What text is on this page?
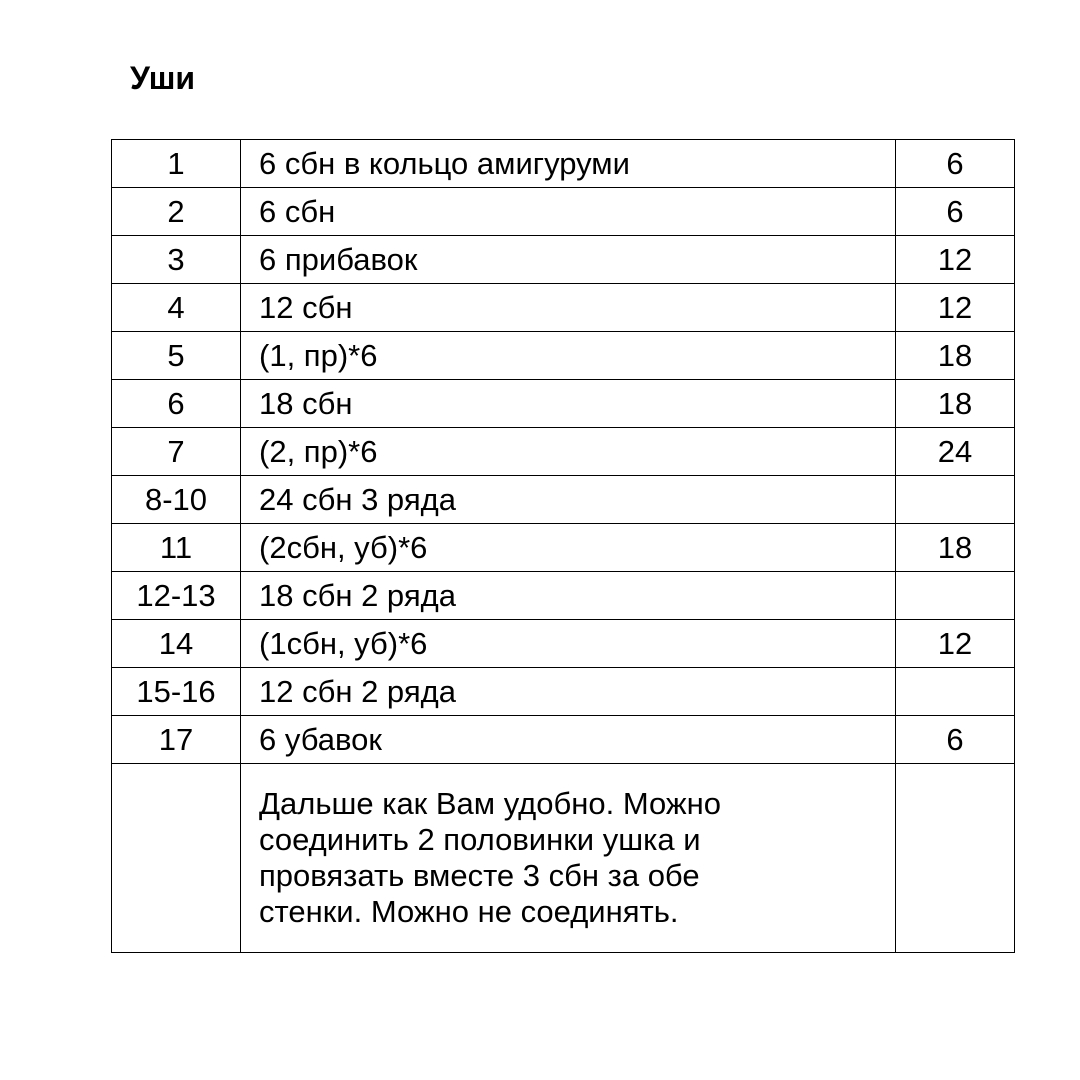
Уши
1	6 сбн в кольцо амигуруми	6
2	6 сбн	6
3	6 прибавок	12
4	12 сбн	12
5	(1, пр)*6	18
6	18 сбн	18
7	(2, пр)*6	24
8-10	24 сбн 3 ряда	
11	(2сбн, уб)*6	18
12-13	18 сбн 2 ряда	
14	(1сбн, уб)*6	12
15-16	12 сбн 2 ряда	
17	6 убавок	6

	Дальше как Вам удобно. Можно
соединить 2 половинки ушка и
провязать вместе 3 сбн за обе
стенки. Можно не соединять.	
